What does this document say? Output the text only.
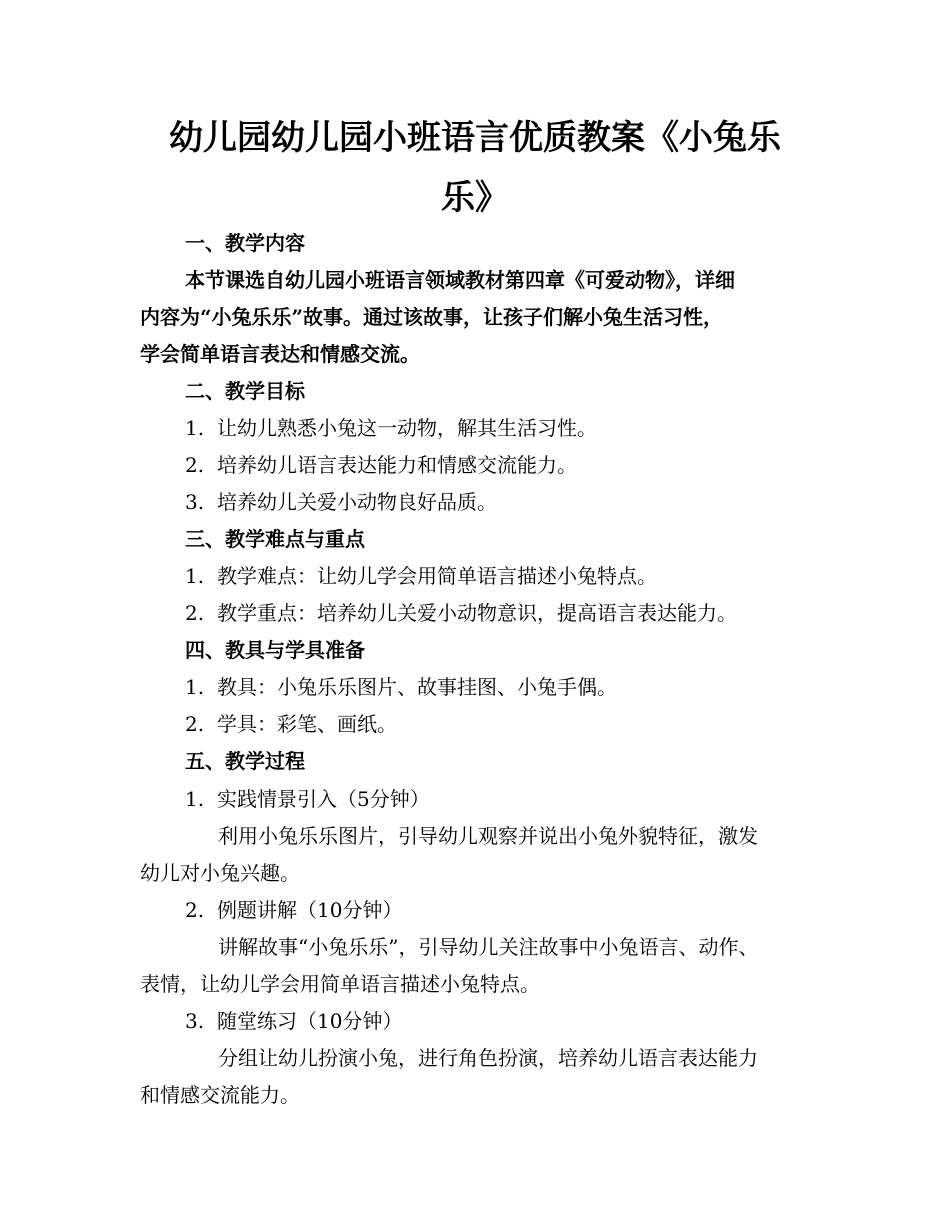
幼儿园幼儿园小班语言优质教案《小兔乐
乐》
一、教学内容
本节课选自幼儿园小班语言领域教材第四章《可爱动物》，详细
内容为“小兔乐乐”故事。通过该故事，让孩子们解小兔生活习性，
学会简单语言表达和情感交流。
二、教学目标
1. 让幼儿熟悉小兔这一动物，解其生活习性。
2. 培养幼儿语言表达能力和情感交流能力。
3. 培养幼儿关爱小动物良好品质。
三、教学难点与重点
1. 教学难点：让幼儿学会用简单语言描述小兔特点。
2. 教学重点：培养幼儿关爱小动物意识，提高语言表达能力。
四、教具与学具准备
1. 教具：小兔乐乐图片、故事挂图、小兔手偶。
2. 学具：彩笔、画纸。
五、教学过程
1. 实践情景引入（5分钟）
利用小兔乐乐图片，引导幼儿观察并说出小兔外貌特征，激发
幼儿对小兔兴趣。
2. 例题讲解（10分钟）
讲解故事“小兔乐乐”，引导幼儿关注故事中小兔语言、动作、
表情，让幼儿学会用简单语言描述小兔特点。
3. 随堂练习（10分钟）
分组让幼儿扮演小兔，进行角色扮演，培养幼儿语言表达能力
和情感交流能力。
